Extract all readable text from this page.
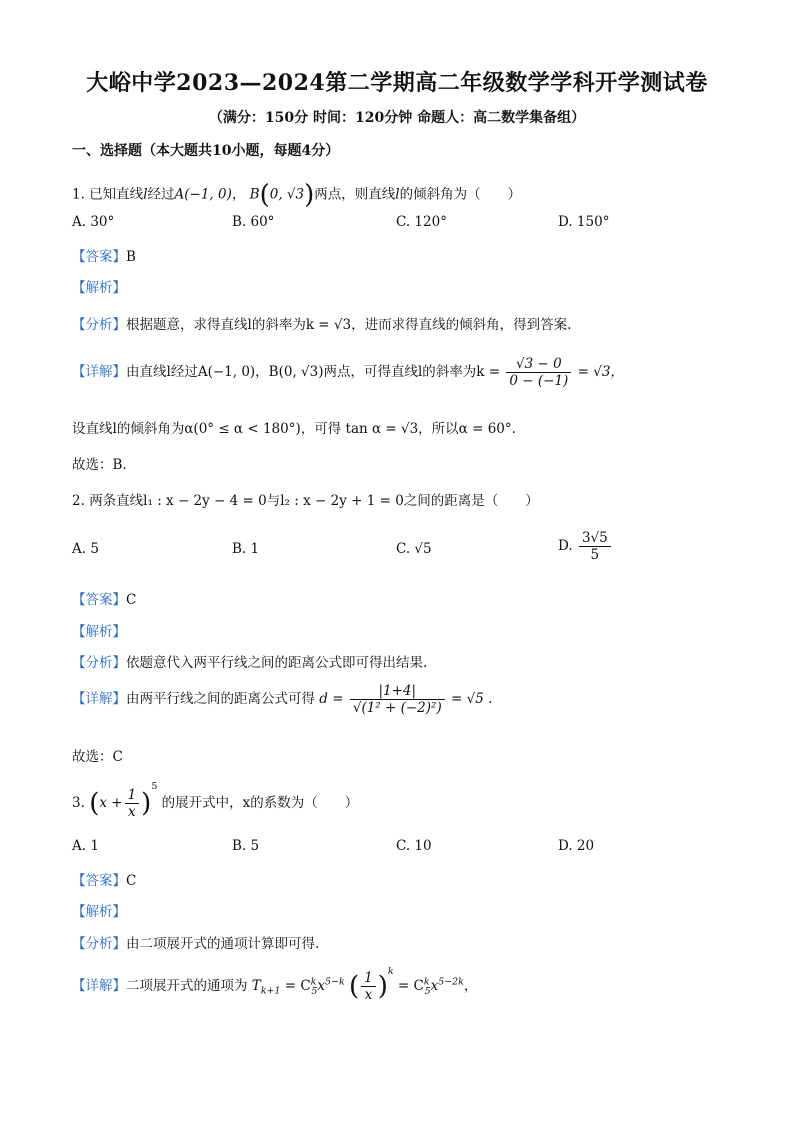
大峪中学2023—2024第二学期高二年级数学学科开学测试卷
（满分：150分 时间：120分钟 命题人：高二数学集备组）
一、选择题（本大题共10小题，每题4分）
1. 已知直线l经过A(−1, 0)， B(0, √3)两点，则直线l的倾斜角为（　　）
A. 30°	B. 60°	C. 120°	D. 150°
【答案】B
【解析】
【分析】根据题意，求得直线l的斜率为k = √3，进而求得直线的倾斜角，得到答案.
【详解】由直线l经过A(−1, 0)，B(0, √3)两点，可得直线l的斜率为$k = \frac{√3 - 0}{0 - (-1)} = √3$，
设直线l的倾斜角为α(0° ≤ α < 180°)，可得 tan α = √3，所以α = 60°.
故选：B.
2. 两条直线l₁ : x − 2y − 4 = 0与l₂ : x − 2y + 1 = 0之间的距离是（　　）
A. 5	B. 1	C. √5	D. $\frac{3√5}{5}$
【答案】C
【解析】
【分析】依题意代入两平行线之间的距离公式即可得出结果.
【详解】由两平行线之间的距离公式可得 $d = \frac{|1+4|}{\text{√(1² + (−2)²)}} = √5$ .
故选：C
3. $(x + \frac{1}{x} )^5$ 的展开式中，x的系数为（　　）
A. 1	B. 5	C. 10	D. 20
【答案】C
【解析】
【分析】由二项展开式的通项计算即可得.
【详解】二项展开式的通项为 $T_{k+1} = C^k_5x^{5-k}$ ( $\frac{1}{x} )^k = C^k_5x^{5-2k}$，
